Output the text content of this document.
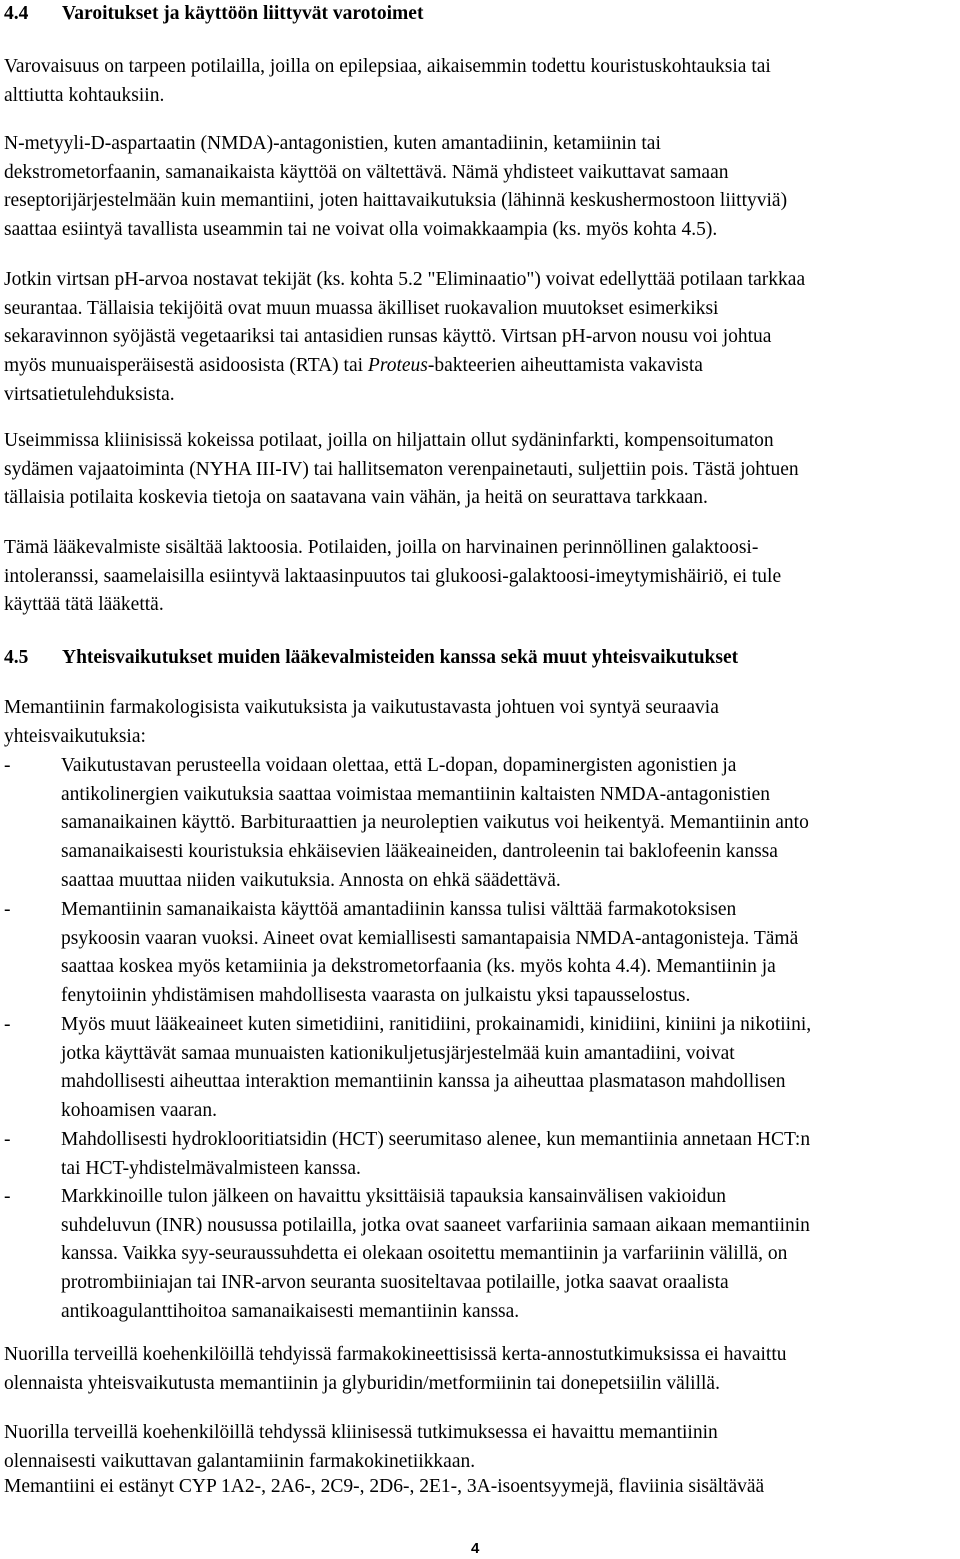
4.4 Varoitukset ja käyttöön liittyvät varotoimet
Varovaisuus on tarpeen potilailla, joilla on epilepsiaa, aikaisemmin todettu kouristuskohtauksia tai
alttiutta kohtauksiin.
N-metyyli-D-aspartaatin (NMDA)-antagonistien, kuten amantadiinin, ketamiinin tai
dekstrometorfaanin, samanaikaista käyttöä on vältettävä. Nämä yhdisteet vaikuttavat samaan
reseptorijärjestelmään kuin memantiini, joten haittavaikutuksia (lähinnä keskushermostoon liittyviä)
saattaa esiintyä tavallista useammin tai ne voivat olla voimakkaampia (ks. myös kohta 4.5).
Jotkin virtsan pH-arvoa nostavat tekijät (ks. kohta 5.2 "Eliminaatio") voivat edellyttää potilaan tarkkaa
seurantaa. Tällaisia tekijöitä ovat muun muassa äkilliset ruokavalion muutokset esimerkiksi
sekaravinnon syöjästä vegetaariksi tai antasidien runsas käyttö. Virtsan pH-arvon nousu voi johtua
myös munuaisperäisestä asidoosista (RTA) tai Proteus-bakteerien aiheuttamista vakavista
virtsatietulehduksista.
Useimmissa kliinisissä kokeissa potilaat, joilla on hiljattain ollut sydäninfarkti, kompensoitumaton
sydämen vajaatoiminta (NYHA III-IV) tai hallitsematon verenpainetauti, suljettiin pois. Tästä johtuen
tällaisia potilaita koskevia tietoja on saatavana vain vähän, ja heitä on seurattava tarkkaan.
Tämä lääkevalmiste sisältää laktoosia. Potilaiden, joilla on harvinainen perinnöllinen galaktoosi-
intoleranssi, saamelaisilla esiintyvä laktaasinpuutos tai glukoosi-galaktoosi-imeytymishäiriö, ei tule
käyttää tätä lääkettä.
4.5 Yhteisvaikutukset muiden lääkevalmisteiden kanssa sekä muut yhteisvaikutukset
Memantiinin farmakologisista vaikutuksista ja vaikutustavasta johtuen voi syntyä seuraavia
yhteisvaikutuksia:
-	Vaikutustavan perusteella voidaan olettaa, että L-dopan, dopaminergisten agonistien ja
antikolinergien vaikutuksia saattaa voimistaa memantiinin kaltaisten NMDA-antagonistien
samanaikainen käyttö. Barbituraattien ja neuroleptien vaikutus voi heikentyä. Memantiinin anto
samanaikaisesti kouristuksia ehkäisevien lääkeaineiden, dantroleenin tai baklofeenin kanssa
saattaa muuttaa niiden vaikutuksia. Annosta on ehkä säädettävä.
-	Memantiinin samanaikaista käyttöä amantadiinin kanssa tulisi välttää farmakotoksisen
psykoosin vaaran vuoksi. Aineet ovat kemiallisesti samantapaisia NMDA-antagonisteja. Tämä
saattaa koskea myös ketamiinia ja dekstrometorfaania (ks. myös kohta 4.4). Memantiinin ja
fenytoiinin yhdistämisen mahdollisesta vaarasta on julkaistu yksi tapausselostus.
-	Myös muut lääkeaineet kuten simetidiini, ranitidiini, prokainamidi, kinidiini, kiniini ja nikotiini,
jotka käyttävät samaa munuaisten kationikuljetusjärjestelmää kuin amantadiini, voivat
mahdollisesti aiheuttaa interaktion memantiinin kanssa ja aiheuttaa plasmatason mahdollisen
kohoamisen vaaran.
-	Mahdollisesti hydroklooritiatsidin (HCT) seerumitaso alenee, kun memantiinia annetaan HCT:n
tai HCT-yhdistelmävalmisteen kanssa.
-	Markkinoille tulon jälkeen on havaittu yksittäisiä tapauksia kansainvälisen vakioidun
suhdeluvun (INR) nousussa potilailla, jotka ovat saaneet varfariinia samaan aikaan memantiinin
kanssa. Vaikka syy-seuraussuhdetta ei olekaan osoitettu memantiinin ja varfariinin välillä, on
protrombiiniajan tai INR-arvon seuranta suositeltavaa potilaille, jotka saavat oraalista
antikoagulanttihoitoa samanaikaisesti memantiinin kanssa.
Nuorilla terveillä koehenkilöillä tehdyissä farmakokineettisissä kerta-annostutkimuksissa ei havaittu
olennaista yhteisvaikutusta memantiinin ja glyburidin/metformiinin tai donepetsiilin välillä.
Nuorilla terveillä koehenkilöillä tehdyssä kliinisessä tutkimuksessa ei havaittu memantiinin
olennaisesti vaikuttavan galantamiinin farmakokinetiikkaan.
Memantiini ei estänyt CYP 1A2-, 2A6-, 2C9-, 2D6-, 2E1-, 3A-isoentsyymejä, flaviinia sisältävää
4
